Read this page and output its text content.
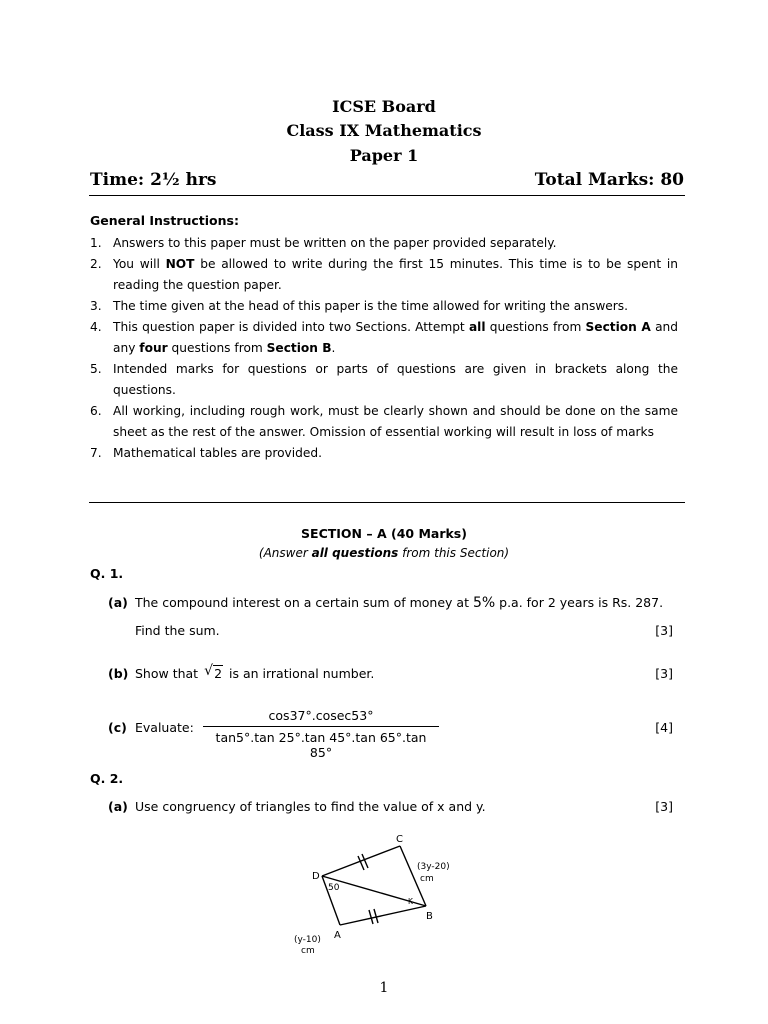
ICSE Board
Class IX Mathematics
Paper 1
Time: 2½ hrs	Total Marks: 80
General Instructions:
1. Answers to this paper must be written on the paper provided separately.
2. You will NOT be allowed to write during the first 15 minutes. This time is to be spent in reading the question paper.
3. The time given at the head of this paper is the time allowed for writing the answers.
4. This question paper is divided into two Sections. Attempt all questions from Section A and any four questions from Section B.
5. Intended marks for questions or parts of questions are given in brackets along the questions.
6. All working, including rough work, must be clearly shown and should be done on the same sheet as the rest of the answer. Omission of essential working will result in loss of marks
7. Mathematical tables are provided.
SECTION – A (40 Marks)
(Answer all questions from this Section)
Q. 1.
(a) The compound interest on a certain sum of money at 5% p.a. for 2 years is Rs. 287.
Find the sum.	[3]
(b) Show that √ 2 is an irrational number.	[3]
(c) Evaluate:
cos37°.cosec53°
tan5°.tan 25°.tan 45°.tan 65°.tan 85°
[4]
Q. 2.
(a) Use congruency of triangles to find the value of x and y.	[3]
C
D
B
A
K
50
(3y-20)
cm
(y-10)
cm
1
